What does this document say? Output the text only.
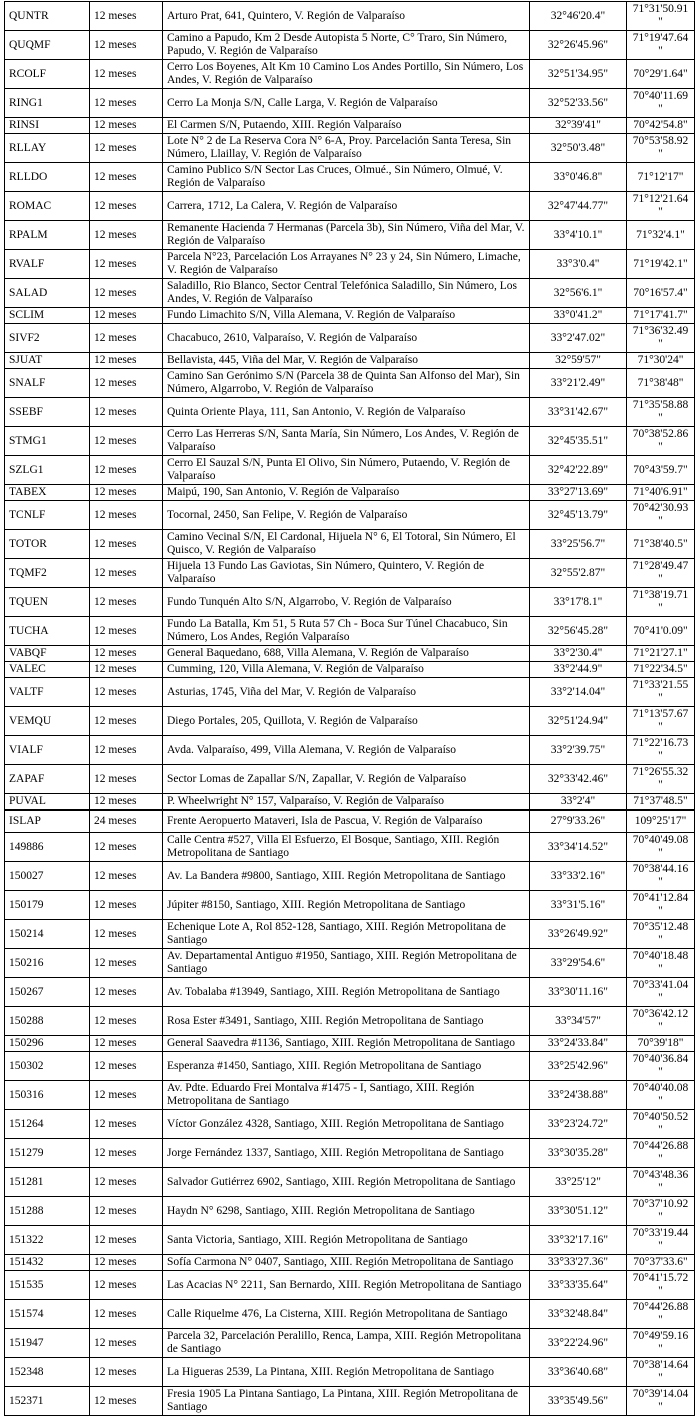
QUNTR	12 meses	Arturo Prat, 641, Quintero, V. Región de Valparaíso	32°46'20.4"	71°31'50.91"
QUQMF	12 meses	Camino a Papudo, Km 2 Desde Autopista 5 Norte, C° Traro, Sin Número, Papudo, V. Región de Valparaíso	32°26'45.96"	71°19'47.64"
RCOLF	12 meses	Cerro Los Boyenes, Alt Km 10 Camino Los Andes Portillo, Sin Número, Los Andes, V. Región de Valparaíso	32°51'34.95"	70°29'1.64"
RING1	12 meses	Cerro La Monja S/N, Calle Larga, V. Región de Valparaíso	32°52'33.56"	70°40'11.69"
RINSI	12 meses	El Carmen S/N, Putaendo, XIII. Región Valparaíso	32°39'41"	70°42'54.8"
RLLAY	12 meses	Lote N° 2 de La Reserva Cora N° 6-A, Proy. Parcelación Santa Teresa, Sin Número, Llaillay, V. Región de Valparaíso	32°50'3.48"	70°53'58.92"
RLLDO	12 meses	Camino Publico S/N Sector Las Cruces, Olmué., Sin Número, Olmué, V. Región de Valparaíso	33°0'46.8"	71°12'17"
ROMAC	12 meses	Carrera, 1712, La Calera, V. Región de Valparaíso	32°47'44.77"	71°12'21.64"
RPALM	12 meses	Remanente Hacienda 7 Hermanas (Parcela 3b), Sin Número, Viña del Mar, V. Región de Valparaíso	33°4'10.1"	71°32'4.1"
RVALF	12 meses	Parcela N°23, Parcelación Los Arrayanes N° 23 y 24, Sin Número, Limache, V. Región de Valparaíso	33°3'0.4"	71°19'42.1"
SALAD	12 meses	Saladillo, Rio Blanco, Sector Central Telefónica Saladillo, Sin Número, Los Andes, V. Región de Valparaíso	32°56'6.1"	70°16'57.4"
SCLIM	12 meses	Fundo Limachito S/N, Villa Alemana, V. Región de Valparaíso	33°0'41.2"	71°17'41.7"
SIVF2	12 meses	Chacabuco, 2610, Valparaíso, V. Región de Valparaíso	33°2'47.02"	71°36'32.49"
SJUAT	12 meses	Bellavista, 445, Viña del Mar, V. Región de Valparaíso	32°59'57"	71°30'24"
SNALF	12 meses	Camino San Gerónimo S/N (Parcela 38 de Quinta San Alfonso del Mar), Sin Número, Algarrobo, V. Región de Valparaíso	33°21'2.49"	71°38'48"
SSEBF	12 meses	Quinta Oriente Playa, 111, San Antonio, V. Región de Valparaíso	33°31'42.67"	71°35'58.88"
STMG1	12 meses	Cerro Las Herreras S/N, Santa María, Sin Número, Los Andes, V. Región de Valparaíso	32°45'35.51"	70°38'52.86"
SZLG1	12 meses	Cerro El Sauzal S/N, Punta El Olivo, Sin Número, Putaendo, V. Región de Valparaíso	32°42'22.89"	70°43'59.7"
TABEX	12 meses	Maipú, 190, San Antonio, V. Región de Valparaíso	33°27'13.69"	71°40'6.91"
TCNLF	12 meses	Tocornal, 2450, San Felipe, V. Región de Valparaíso	32°45'13.79"	70°42'30.93"
TOTOR	12 meses	Camino Vecinal S/N, El Cardonal, Hijuela N° 6, El Totoral, Sin Número, El Quisco, V. Región de Valparaíso	33°25'56.7"	71°38'40.5"
TQMF2	12 meses	Hijuela 13 Fundo Las Gaviotas, Sin Número, Quintero, V. Región de Valparaíso	32°55'2.87"	71°28'49.47"
TQUEN	12 meses	Fundo Tunquén Alto S/N, Algarrobo, V. Región de Valparaíso	33°17'8.1"	71°38'19.71"
TUCHA	12 meses	Fundo La Batalla, Km 51, 5 Ruta 57 Ch - Boca Sur Túnel Chacabuco, Sin Número, Los Andes, Región Valparaíso	32°56'45.28"	70°41'0.09"
VABQF	12 meses	General Baquedano, 688, Villa Alemana, V. Región de Valparaíso	33°2'30.4"	71°21'27.1"
VALEC	12 meses	Cumming, 120, Villa Alemana, V. Región de Valparaíso	33°2'44.9"	71°22'34.5"
VALTF	12 meses	Asturias, 1745, Viña del Mar, V. Región de Valparaíso	33°2'14.04"	71°33'21.55"
VEMQU	12 meses	Diego Portales, 205, Quillota, V. Región de Valparaíso	32°51'24.94"	71°13'57.67"
VIALF	12 meses	Avda. Valparaíso, 499, Villa Alemana, V. Región de Valparaíso	33°2'39.75"	71°22'16.73"
ZAPAF	12 meses	Sector Lomas de Zapallar S/N, Zapallar, V. Región de Valparaíso	32°33'42.46"	71°26'55.32"
PUVAL	12 meses	P. Wheelwright N° 157, Valparaíso, V. Región de Valparaíso	33°2'4"	71°37'48.5"
ISLAP	24 meses	Frente Aeropuerto Mataveri, Isla de Pascua, V. Región de Valparaíso	27°9'33.26"	109°25'17"
149886	12 meses	Calle Centra #527, Villa El Esfuerzo, El Bosque, Santiago, XIII. Región Metropolitana de Santiago	33°34'14.52"	70°40'49.08"
150027	12 meses	Av. La Bandera #9800, Santiago, XIII. Región Metropolitana de Santiago	33°33'2.16"	70°38'44.16"
150179	12 meses	Júpiter #8150, Santiago, XIII. Región Metropolitana de Santiago	33°31'5.16"	70°41'12.84"
150214	12 meses	Echenique Lote A, Rol 852-128, Santiago, XIII. Región Metropolitana de Santiago	33°26'49.92"	70°35'12.48"
150216	12 meses	Av. Departamental Antiguo #1950, Santiago, XIII. Región Metropolitana de Santiago	33°29'54.6"	70°40'18.48"
150267	12 meses	Av. Tobalaba #13949, Santiago, XIII. Región Metropolitana de Santiago	33°30'11.16"	70°33'41.04"
150288	12 meses	Rosa Ester #3491, Santiago, XIII. Región Metropolitana de Santiago	33°34'57"	70°36'42.12"
150296	12 meses	General Saavedra #1136, Santiago, XIII. Región Metropolitana de Santiago	33°24'33.84"	70°39'18"
150302	12 meses	Esperanza #1450, Santiago, XIII. Región Metropolitana de Santiago	33°25'42.96"	70°40'36.84"
150316	12 meses	Av. Pdte. Eduardo Frei Montalva #1475 - I, Santiago, XIII. Región Metropolitana de Santiago	33°24'38.88"	70°40'40.08"
151264	12 meses	Víctor González 4328, Santiago, XIII. Región Metropolitana de Santiago	33°23'24.72"	70°40'50.52"
151279	12 meses	Jorge Fernández 1337, Santiago, XIII. Región Metropolitana de Santiago	33°30'35.28"	70°44'26.88"
151281	12 meses	Salvador Gutiérrez 6902, Santiago, XIII. Región Metropolitana de Santiago	33°25'12"	70°43'48.36"
151288	12 meses	Haydn N° 6298, Santiago, XIII. Región Metropolitana de Santiago	33°30'51.12"	70°37'10.92"
151322	12 meses	Santa Victoria, Santiago, XIII. Región Metropolitana de Santiago	33°32'17.16"	70°33'19.44"
151432	12 meses	Sofía Carmona N° 0407, Santiago, XIII. Región Metropolitana de Santiago	33°33'27.36"	70°37'33.6"
151535	12 meses	Las Acacias N° 2211, San Bernardo, XIII. Región Metropolitana de Santiago	33°33'35.64"	70°41'15.72"
151574	12 meses	Calle Riquelme 476, La Cisterna, XIII. Región Metropolitana de Santiago	33°32'48.84"	70°44'26.88"
151947	12 meses	Parcela 32, Parcelación Peralillo, Renca, Lampa, XIII. Región Metropolitana de Santiago	33°22'24.96"	70°49'59.16"
152348	12 meses	La Higueras 2539, La Pintana, XIII. Región Metropolitana de Santiago	33°36'40.68"	70°38'14.64"
152371	12 meses	Fresia 1905 La Pintana Santiago, La Pintana, XIII. Región Metropolitana de Santiago	33°35'49.56"	70°39'14.04"
